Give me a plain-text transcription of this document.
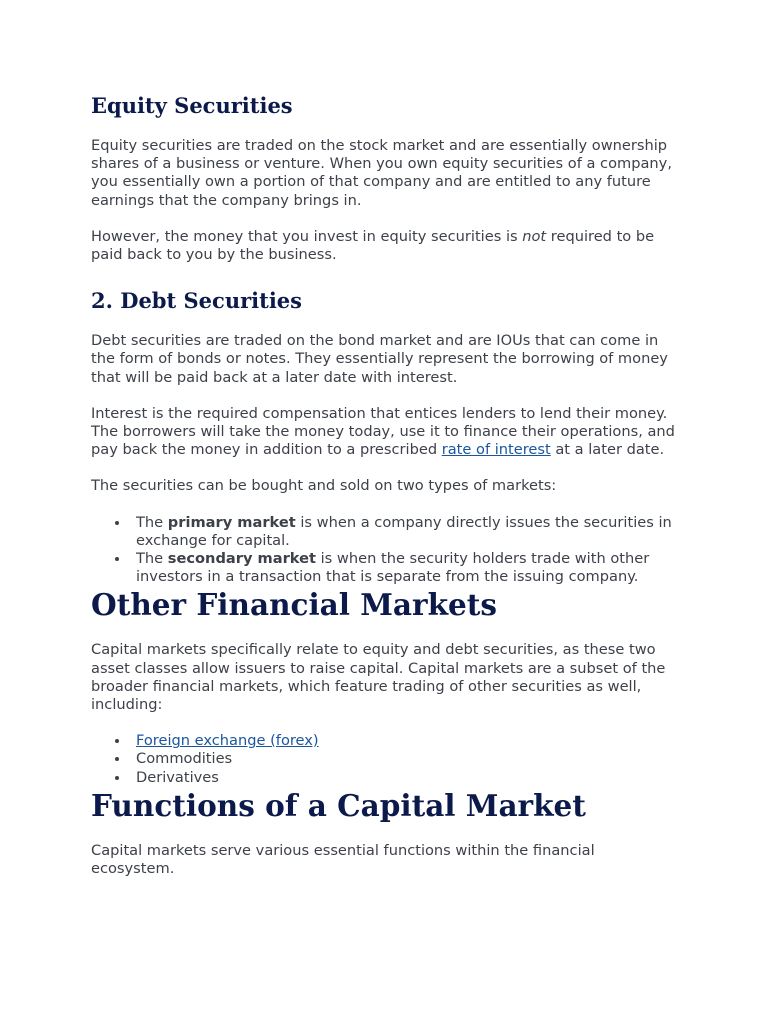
Equity Securities

Equity securities are traded on the stock market and are essentially ownership shares of a business or venture. When you own equity securities of a company, you essentially own a portion of that company and are entitled to any future earnings that the company brings in.

However, the money that you invest in equity securities is not required to be paid back to you by the business.

2. Debt Securities

Debt securities are traded on the bond market and are IOUs that can come in the form of bonds or notes. They essentially represent the borrowing of money that will be paid back at a later date with interest.

Interest is the required compensation that entices lenders to lend their money. The borrowers will take the money today, use it to finance their operations, and pay back the money in addition to a prescribed rate of interest at a later date.

The securities can be bought and sold on two types of markets:

The primary market is when a company directly issues the securities in exchange for capital.
The secondary market is when the security holders trade with other investors in a transaction that is separate from the issuing company.
Other Financial Markets

Capital markets specifically relate to equity and debt securities, as these two asset classes allow issuers to raise capital. Capital markets are a subset of the broader financial markets, which feature trading of other securities as well, including:

Foreign exchange (forex)
Commodities
Derivatives
Functions of a Capital Market

Capital markets serve various essential functions within the financial ecosystem.
